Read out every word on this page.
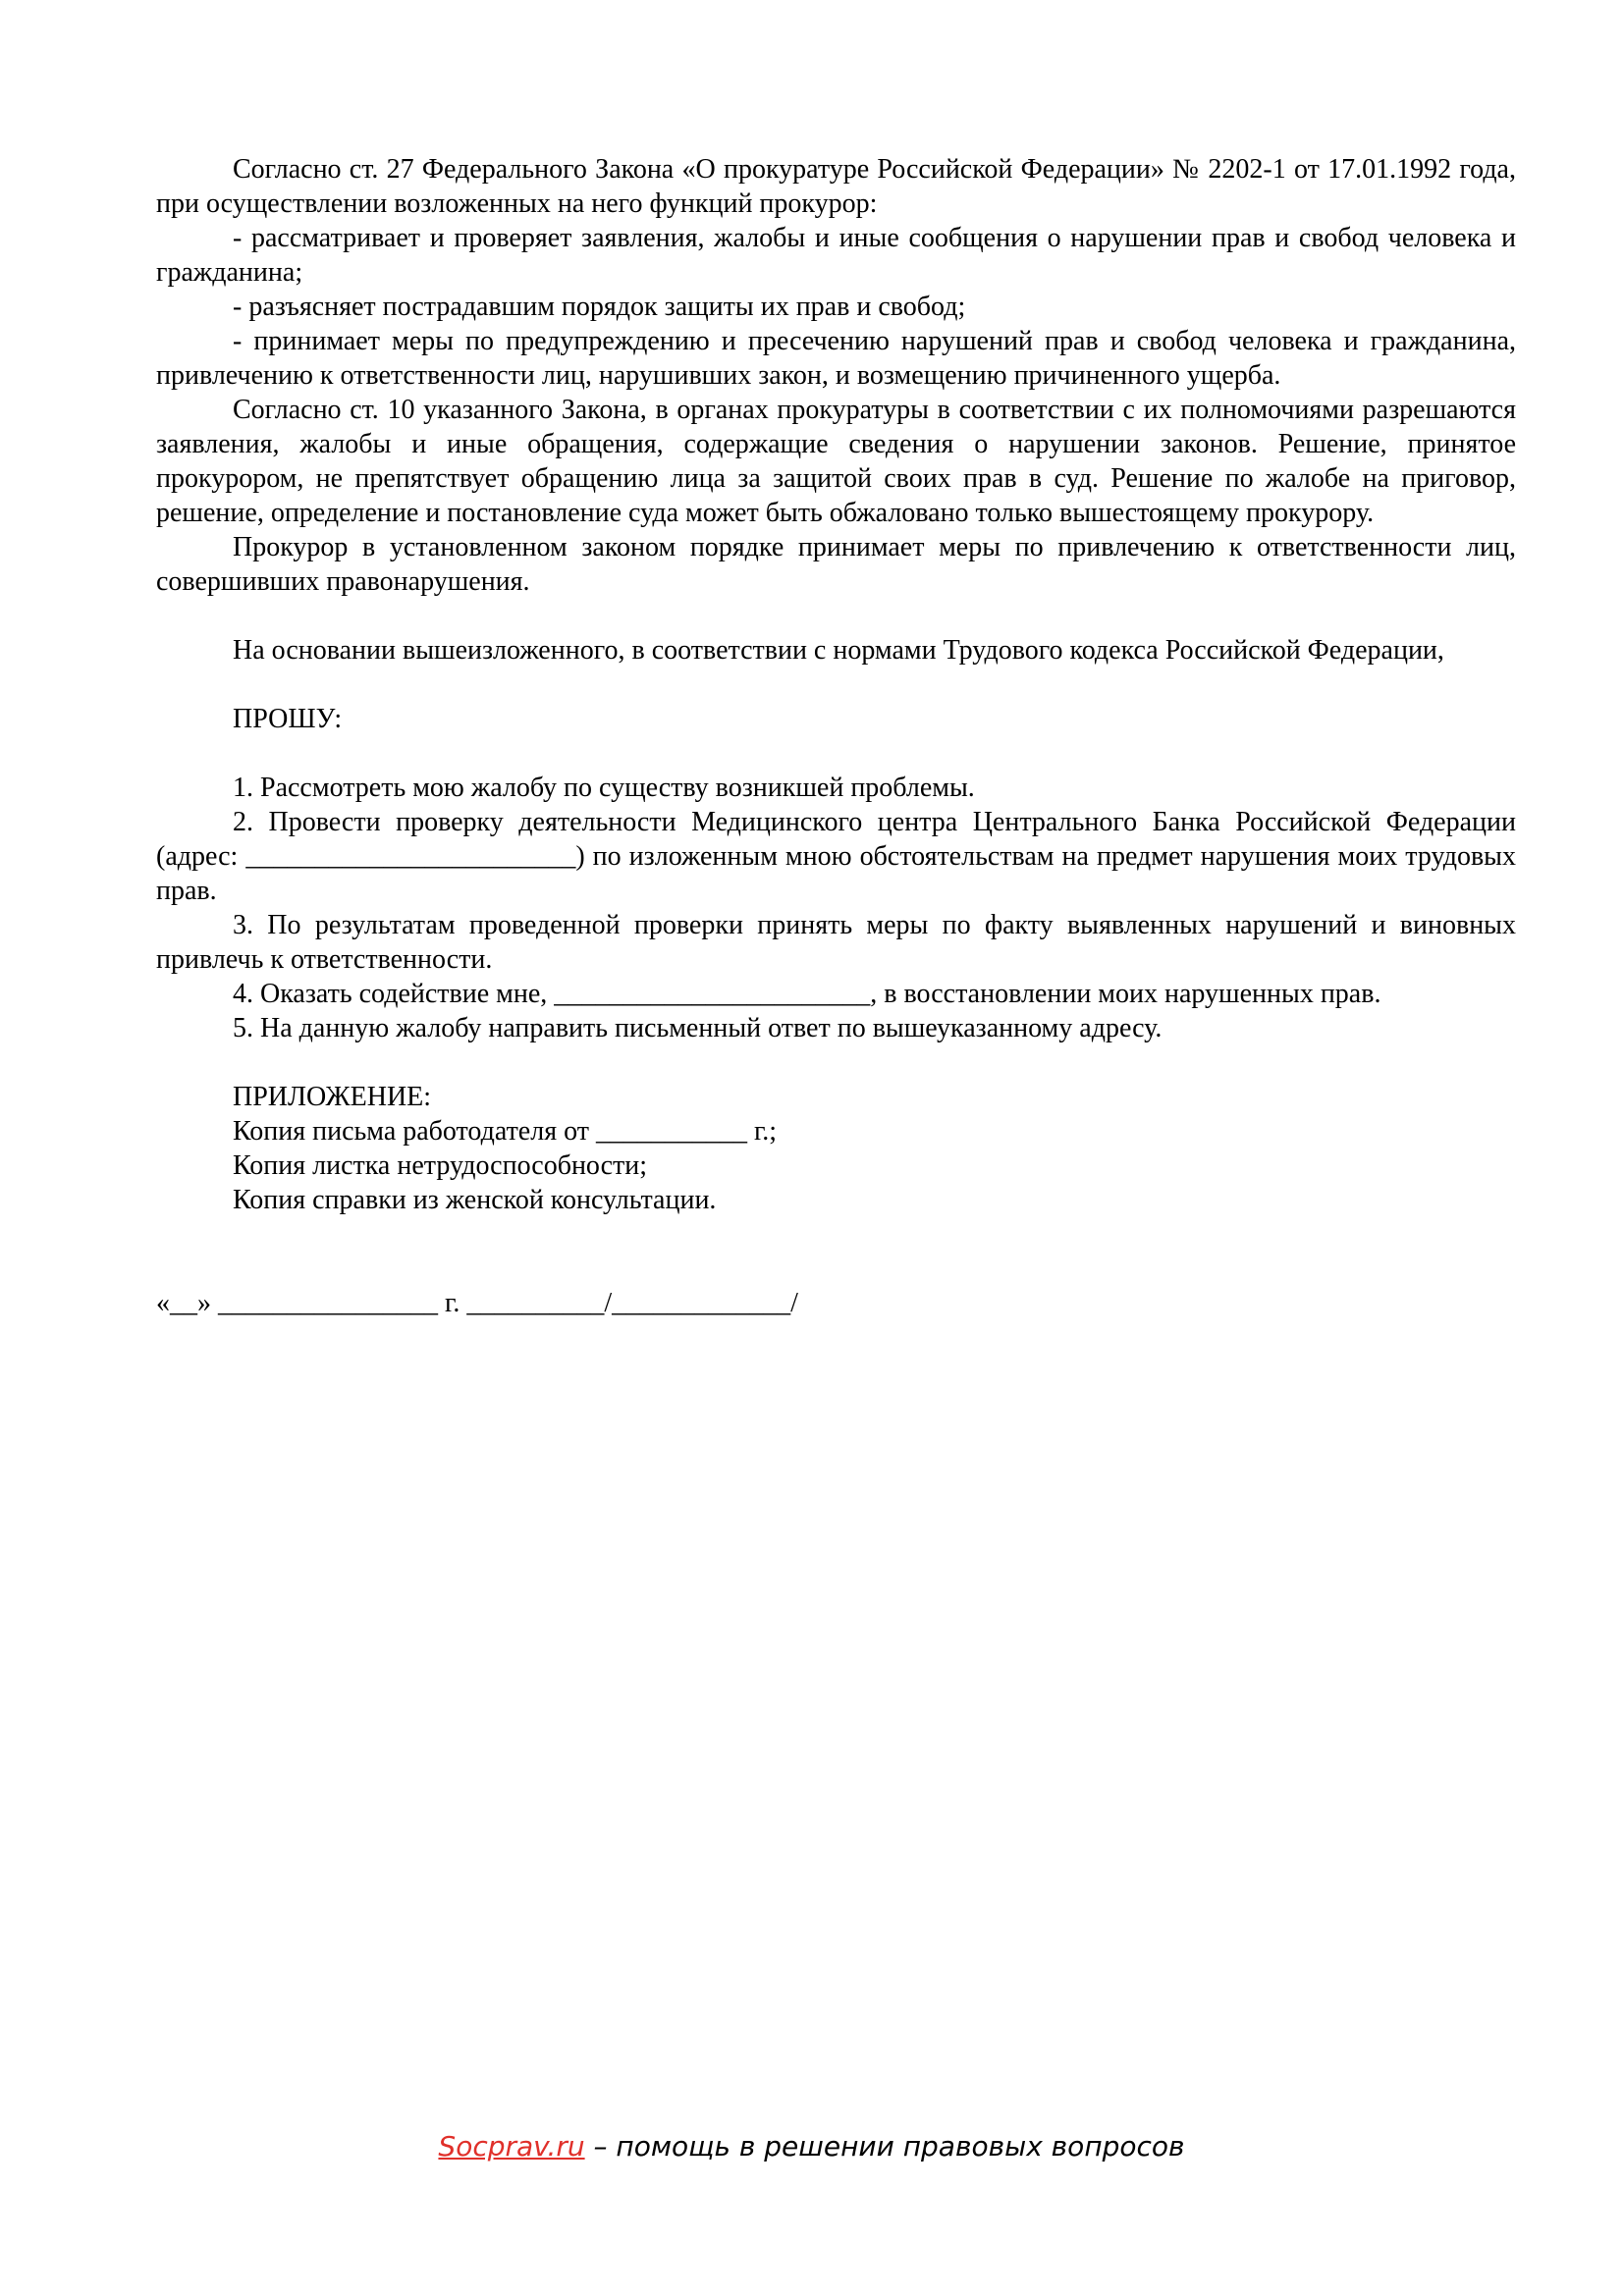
Согласно ст. 27 Федерального Закона «О прокуратуре Российской Федерации» № 2202-1 от 17.01.1992 года, при осуществлении возложенных на него функций прокурор:

- рассматривает и проверяет заявления, жалобы и иные сообщения о нарушении прав и свобод человека и гражданина;

- разъясняет пострадавшим порядок защиты их прав и свобод;

- принимает меры по предупреждению и пресечению нарушений прав и свобод человека и гражданина, привлечению к ответственности лиц, нарушивших закон, и возмещению причиненного ущерба.

Согласно ст. 10 указанного Закона, в органах прокуратуры в соответствии с их полномочиями разрешаются заявления, жалобы и иные обращения, содержащие сведения о нарушении законов. Решение, принятое прокурором, не препятствует обращению лица за защитой своих прав в суд. Решение по жалобе на приговор, решение, определение и постановление суда может быть обжаловано только вышестоящему прокурору.

Прокурор в установленном законом порядке принимает меры по привлечению к ответственности лиц, совершивших правонарушения.

На основании вышеизложенного, в соответствии с нормами Трудового кодекса Российской Федерации,

ПРОШУ:

1. Рассмотреть мою жалобу по существу возникшей проблемы.

2. Провести проверку деятельности Медицинского центра Центрального Банка Российской Федерации (адрес: ________________________) по изложенным мною обстоятельствам на предмет нарушения моих трудовых прав.

3. По результатам проведенной проверки принять меры по факту выявленных нарушений и виновных привлечь к ответственности.

4. Оказать содействие мне, _______________________, в восстановлении моих нарушенных прав.

5. На данную жалобу направить письменный ответ по вышеуказанному адресу.

ПРИЛОЖЕНИЕ:

Копия письма работодателя от ___________ г.;

Копия листка нетрудоспособности;

Копия справки из женской консультации.

«__» ________________ г. __________/_____________/

Socprav.ru – помощь в решении правовых вопросов
